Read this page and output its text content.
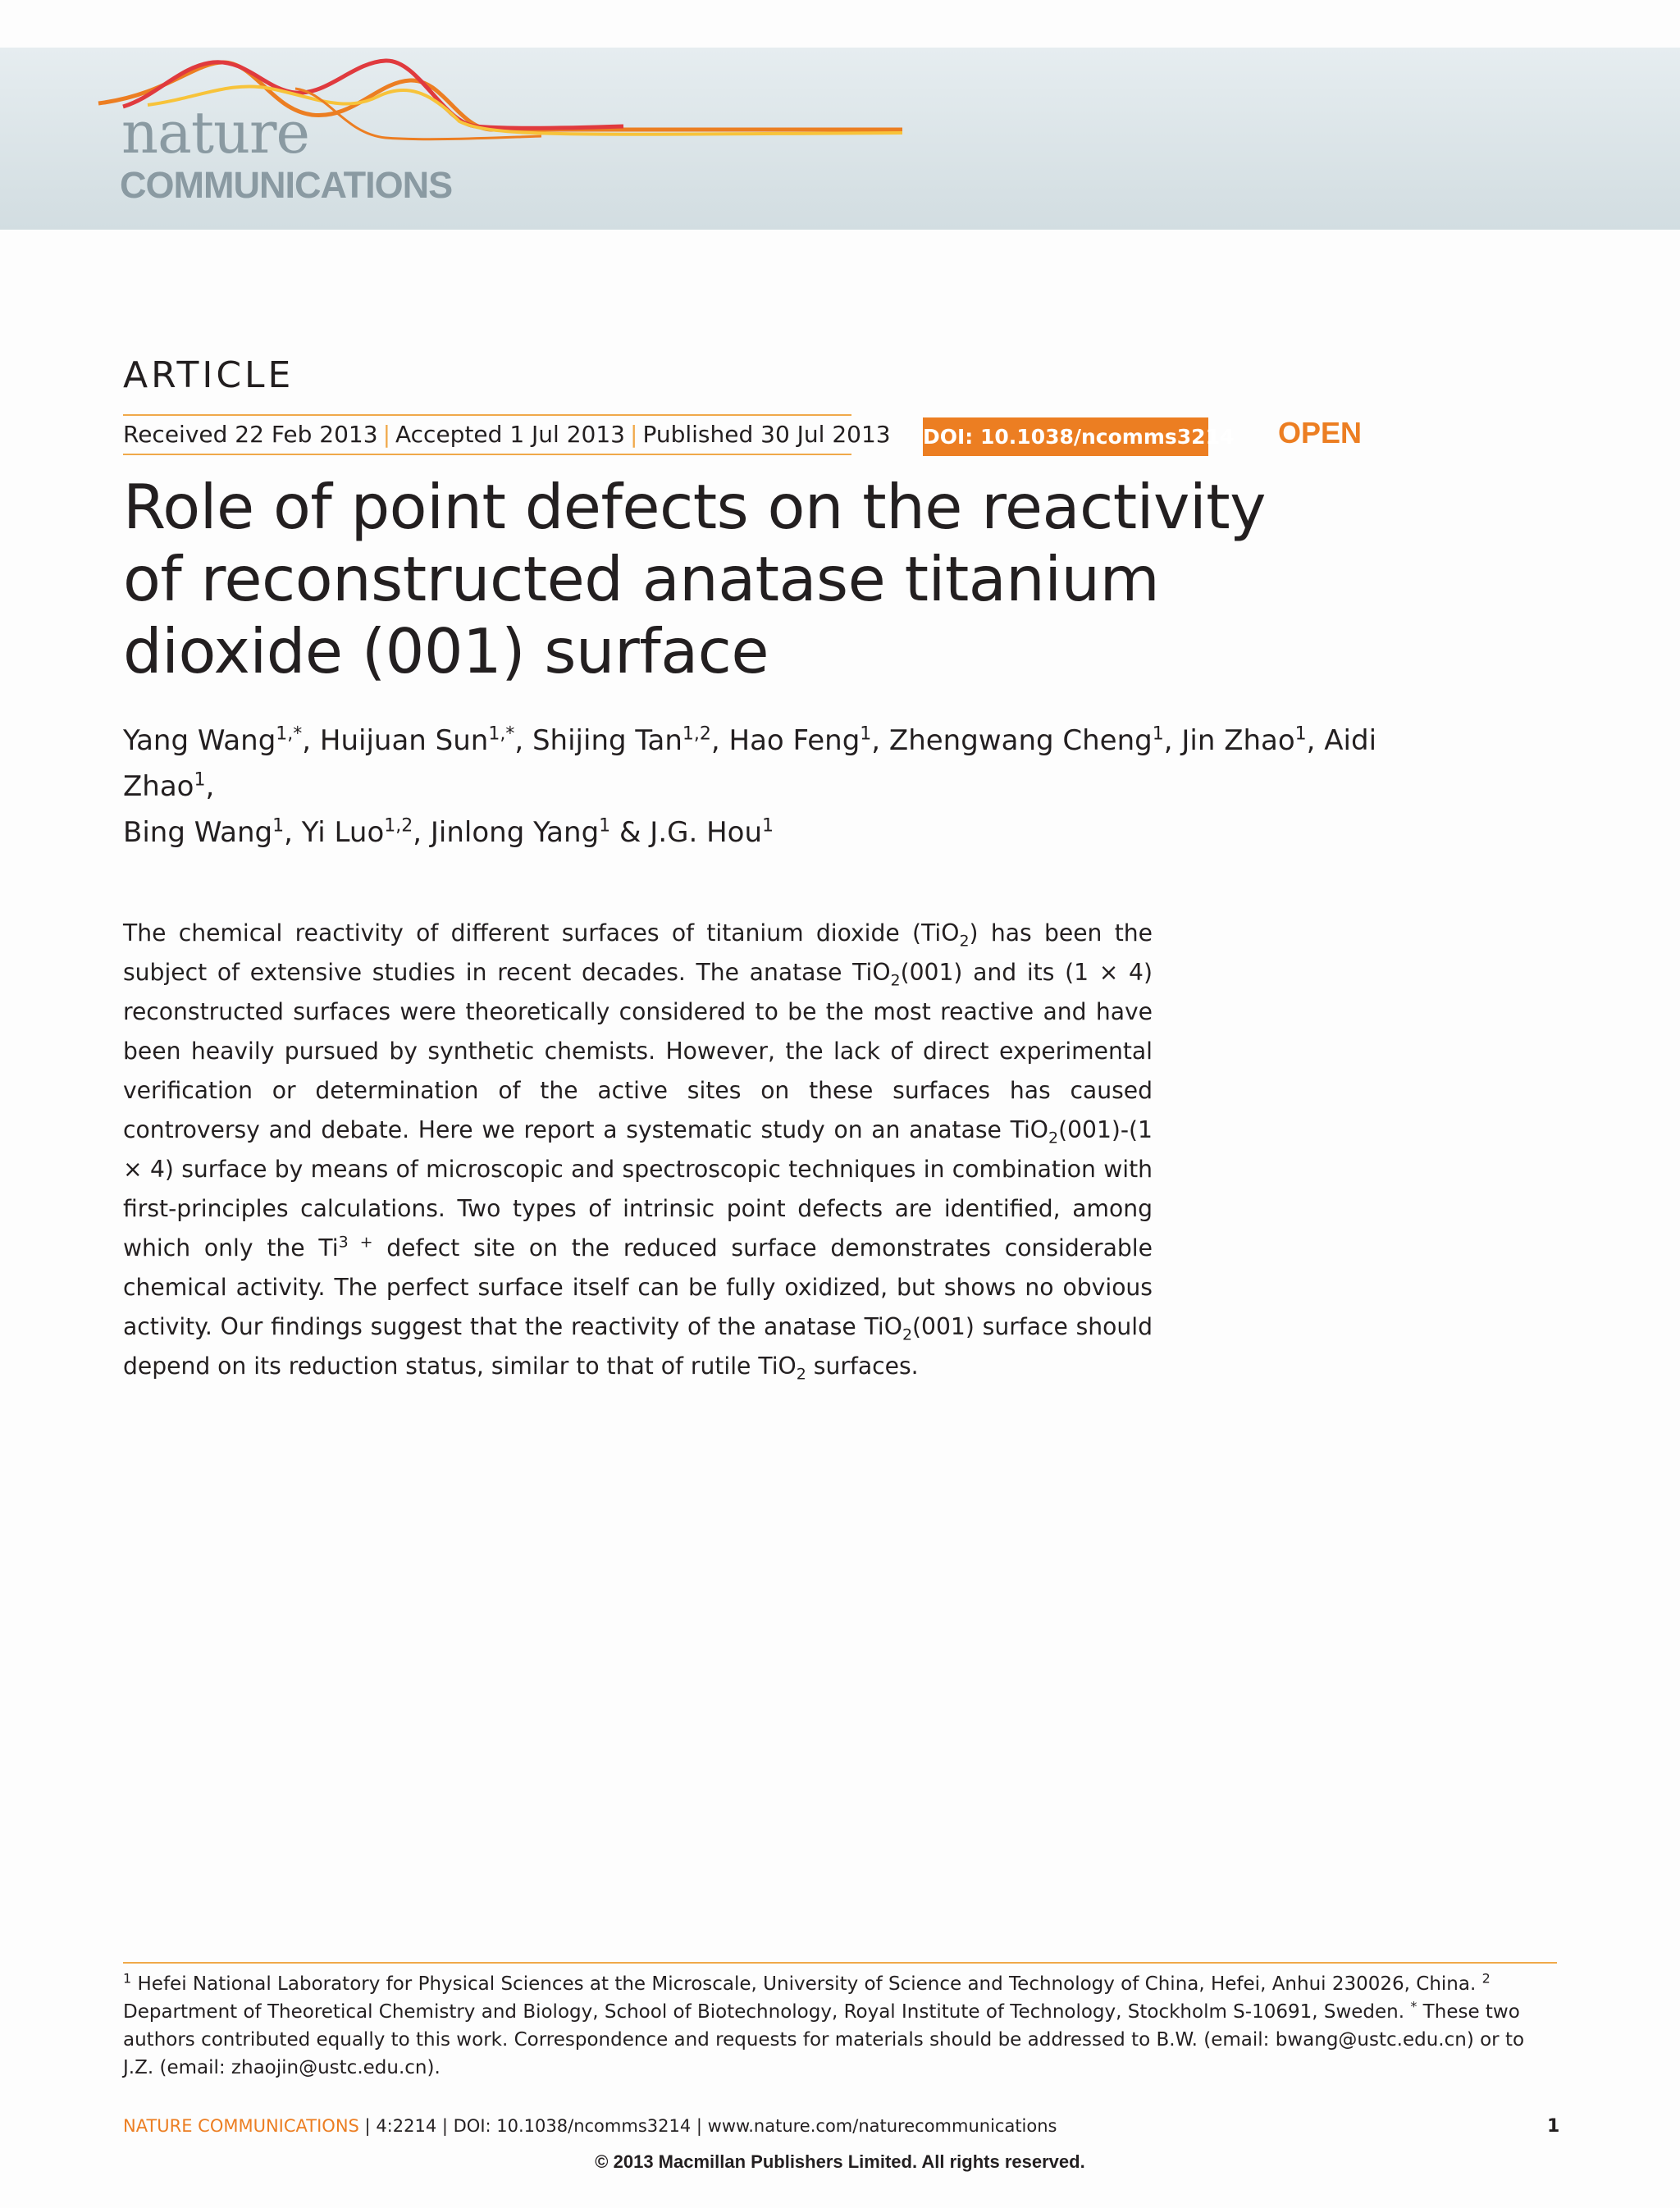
nature
COMMUNICATIONS
ARTICLE
Received 22 Feb 2013 | Accepted 1 Jul 2013 | Published 30 Jul 2013 DOI: 10.1038/ncomms3214 OPEN
Role of point defects on the reactivity of reconstructed anatase titanium dioxide (001) surface
Yang Wang$^{1,*}$, Huijuan Sun$^{1,*}$, Shijing Tan$^{1,2}$, Hao Feng$^1$, Zhengwang Cheng$^1$, Jin Zhao$^1$, Aidi Zhao$^1$,
Bing Wang$^1$, Yi Luo$^{1,2}$, Jinlong Yang$^1$ & J.G. Hou$^1$
The chemical reactivity of different surfaces of titanium dioxide (TiO$_2$) has been the subject of extensive studies in recent decades. The anatase TiO$_2$(001) and its (1 × 4) reconstructed surfaces were theoretically considered to be the most reactive and have been heavily pursued by synthetic chemists. However, the lack of direct experimental verification or determination of the active sites on these surfaces has caused controversy and debate. Here we report a systematic study on an anatase TiO$_2$(001)-(1 × 4) surface by means of microscopic and spectroscopic techniques in combination with first-principles calculations. Two types of intrinsic point defects are identified, among which only the $Ti^{3 +}$ defect site on the reduced surface demonstrates considerable chemical activity. The perfect surface itself can be fully oxidized, but shows no obvious activity. Our findings suggest that the reactivity of the anatase TiO$_2$(001) surface should depend on its reduction status, similar to that of rutile TiO$_2$ surfaces.
$^1$ Hefei National Laboratory for Physical Sciences at the Microscale, University of Science and Technology of China, Hefei, Anhui 230026, China. $^2$ Department of Theoretical Chemistry and Biology, School of Biotechnology, Royal Institute of Technology, Stockholm S-10691, Sweden. * These two authors contributed equally to this work. Correspondence and requests for materials should be addressed to B.W. (email: bwang@ustc.edu.cn) or to J.Z. (email: zhaojin@ustc.edu.cn).
NATURE COMMUNICATIONS | 4:2214 | DOI: 10.1038/ncomms3214 | www.nature.com/naturecommunications	1
© 2013 Macmillan Publishers Limited. All rights reserved.
